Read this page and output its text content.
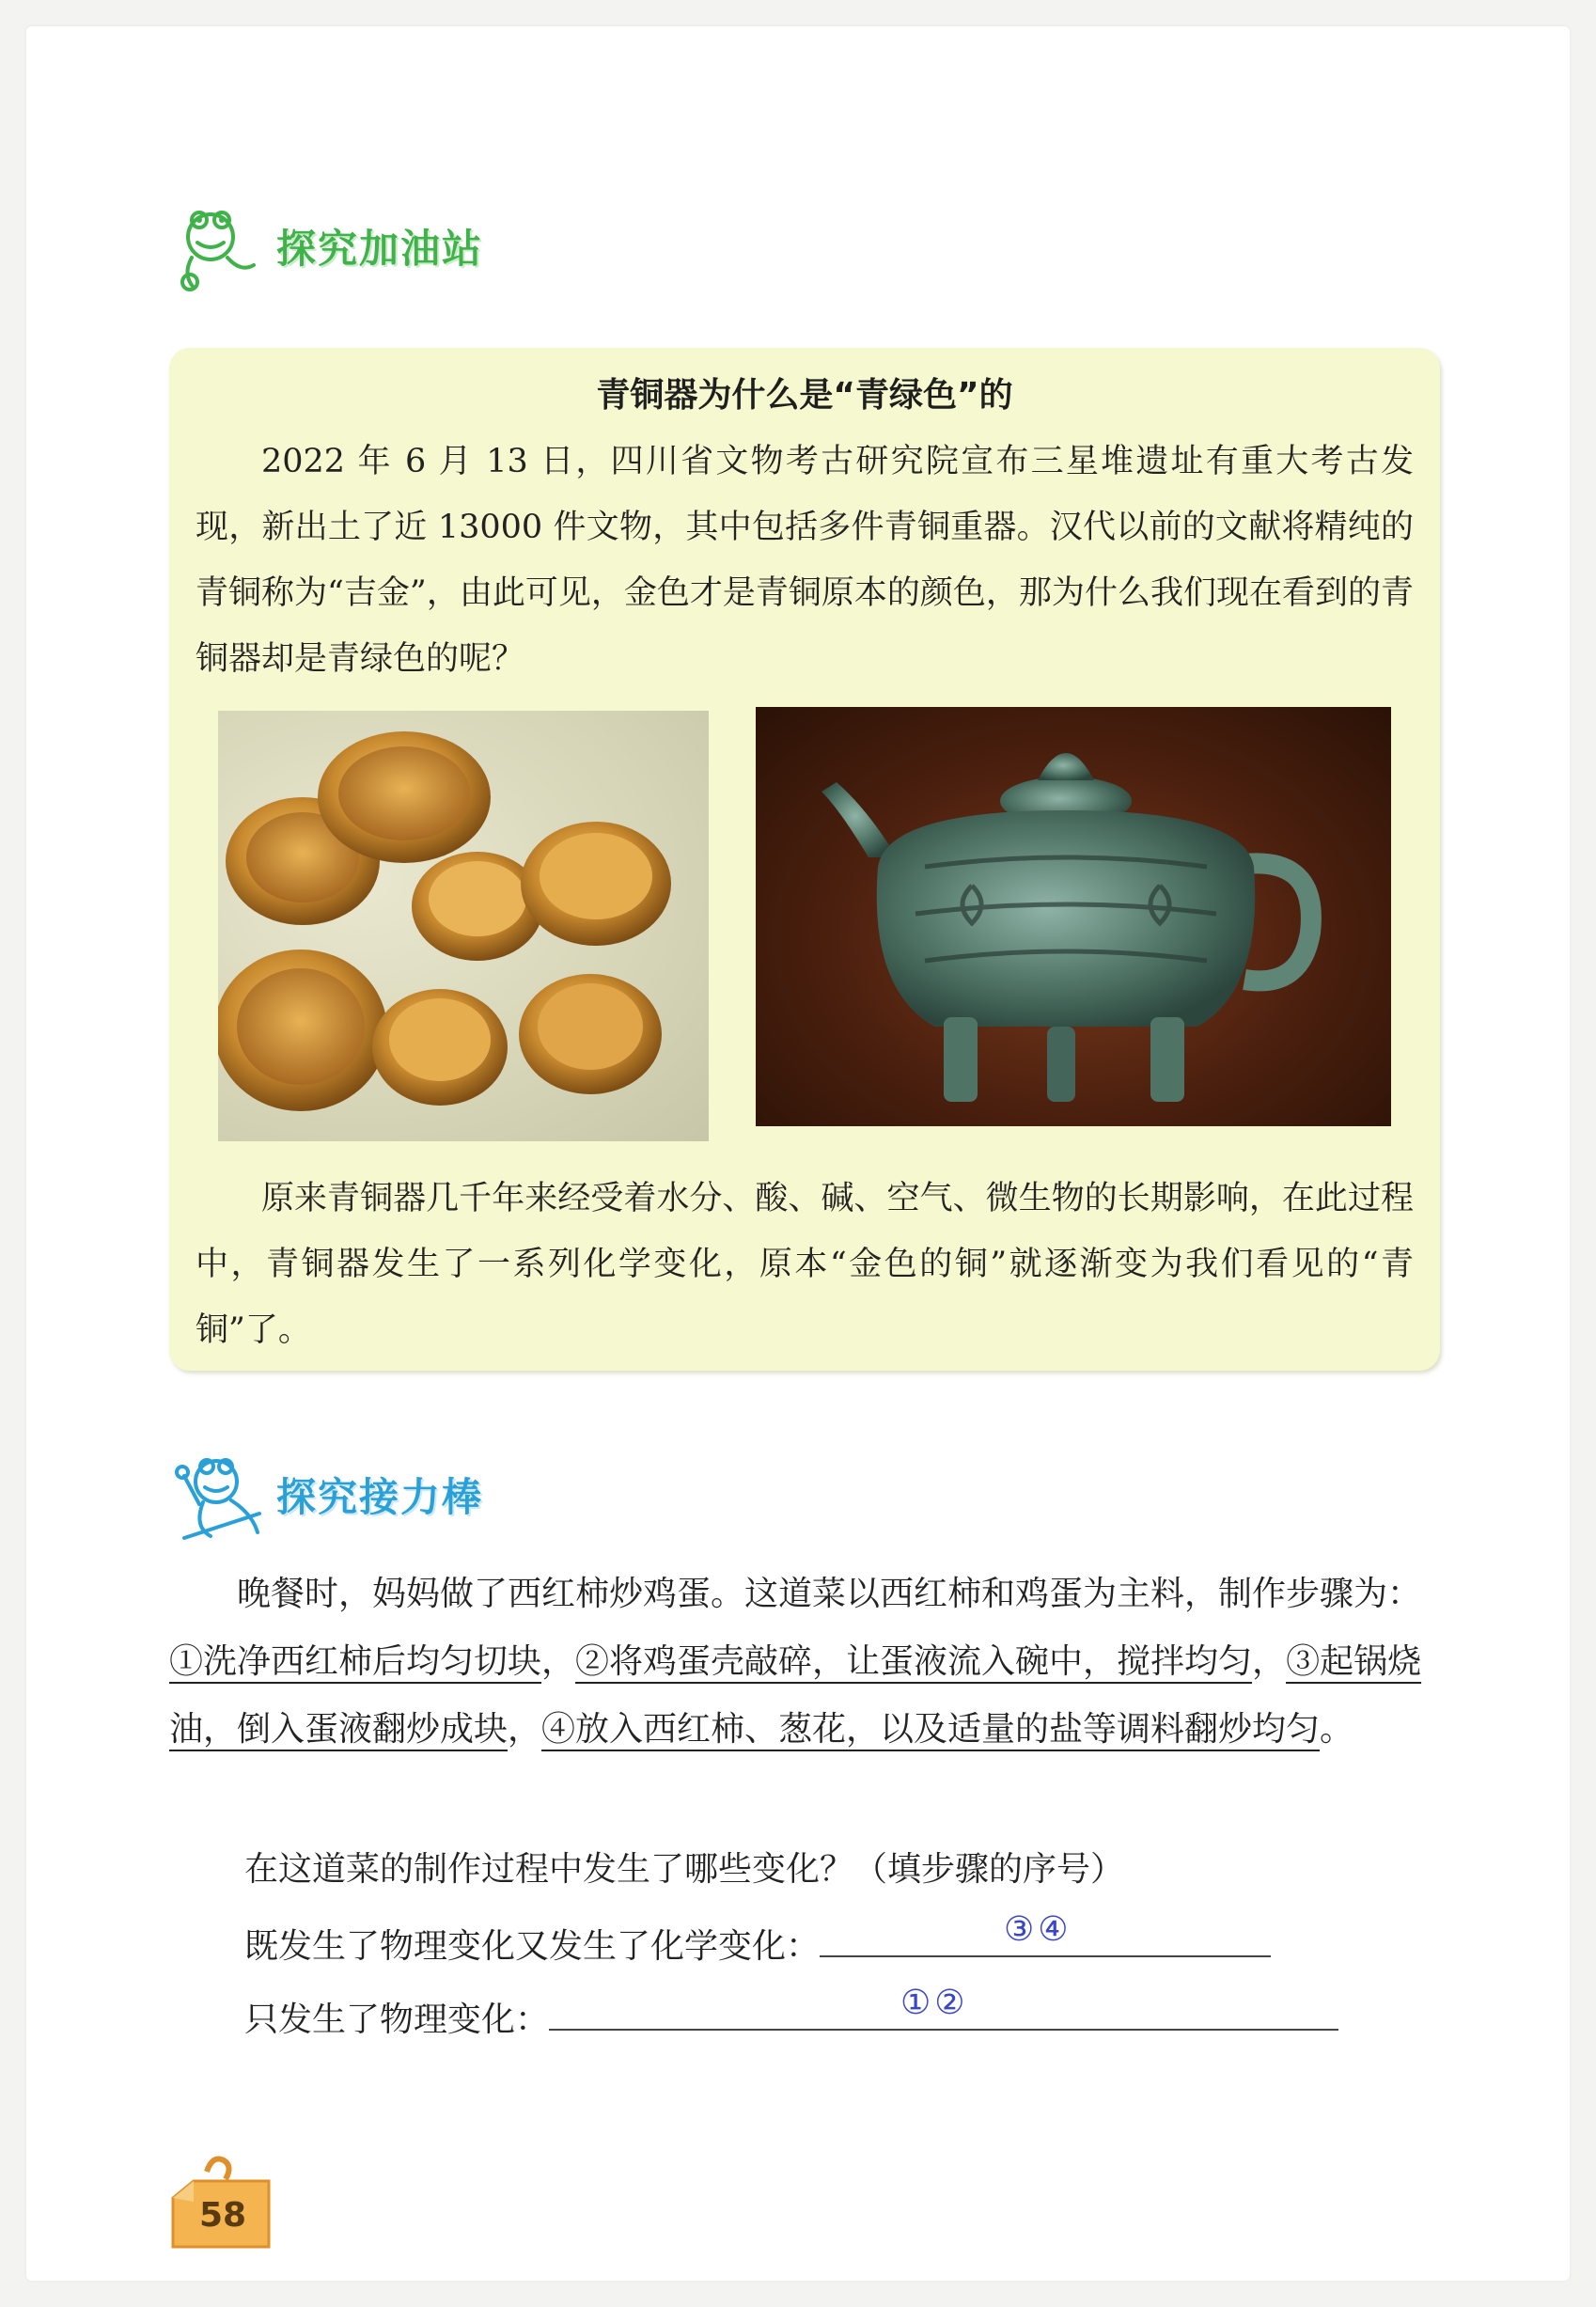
探究加油站
青铜器为什么是“青绿色”的
2022 年 6 月 13 日，四川省文物考古研究院宣布三星堆遗址有重大考古发现，新出土了近 13000 件文物，其中包括多件青铜重器。汉代以前的文献将精纯的青铜称为“吉金”，由此可见，金色才是青铜原本的颜色，那为什么我们现在看到的青铜器却是青绿色的呢？
原来青铜器几千年来经受着水分、酸、碱、空气、微生物的长期影响，在此过程中，青铜器发生了一系列化学变化，原本“金色的铜”就逐渐变为我们看见的“青铜”了。
探究接力棒
晚餐时，妈妈做了西红柿炒鸡蛋。这道菜以西红柿和鸡蛋为主料，制作步骤为：①洗净西红柿后均匀切块，②将鸡蛋壳敲碎，让蛋液流入碗中，搅拌均匀，③起锅烧油，倒入蛋液翻炒成块，④放入西红柿、葱花，以及适量的盐等调料翻炒均匀。
在这道菜的制作过程中发生了哪些变化？（填步骤的序号）
既发生了物理变化又发生了化学变化：	③④
只发生了物理变化：	①②
58
